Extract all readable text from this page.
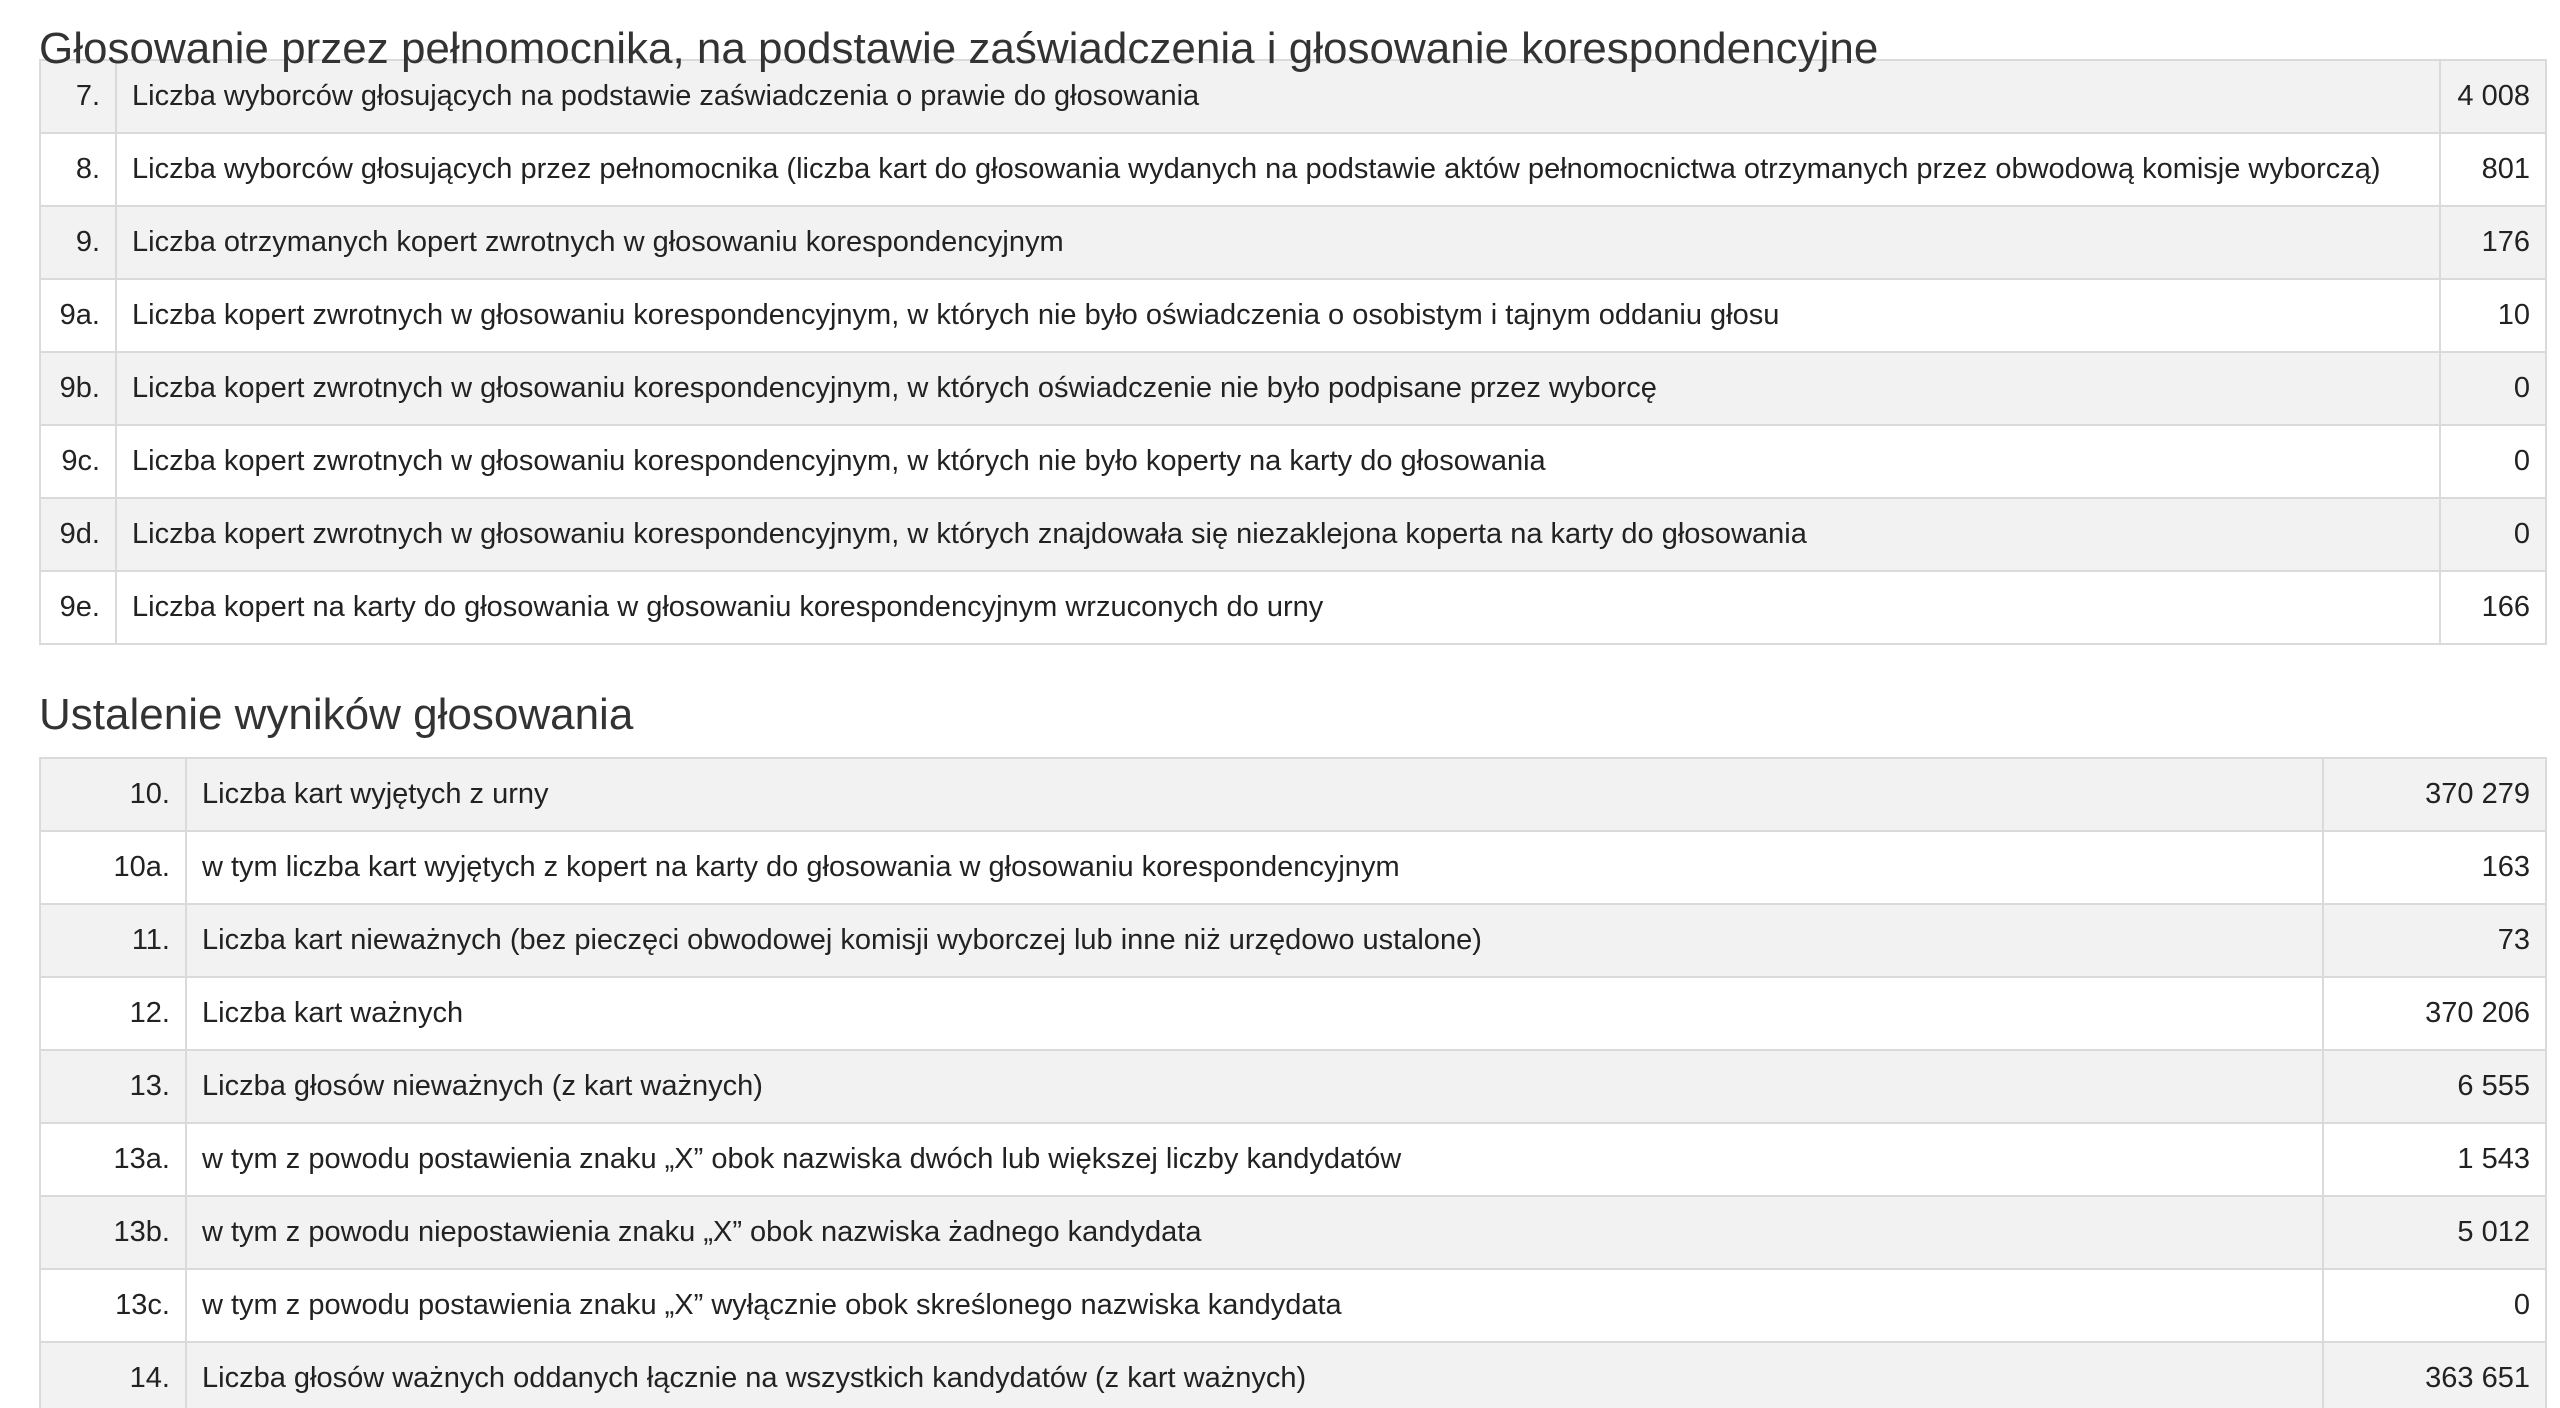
Głosowanie przez pełnomocnika, na podstawie zaświadczenia i głosowanie korespondencyjne
7.	Liczba wyborców głosujących na podstawie zaświadczenia o prawie do głosowania	4 008
8.	Liczba wyborców głosujących przez pełnomocnika (liczba kart do głosowania wydanych na podstawie aktów pełnomocnictwa otrzymanych przez obwodową komisje wyborczą)	801
9.	Liczba otrzymanych kopert zwrotnych w głosowaniu korespondencyjnym	176
9a.	Liczba kopert zwrotnych w głosowaniu korespondencyjnym, w których nie było oświadczenia o osobistym i tajnym oddaniu głosu	10
9b.	Liczba kopert zwrotnych w głosowaniu korespondencyjnym, w których oświadczenie nie było podpisane przez wyborcę	0
9c.	Liczba kopert zwrotnych w głosowaniu korespondencyjnym, w których nie było koperty na karty do głosowania	0
9d.	Liczba kopert zwrotnych w głosowaniu korespondencyjnym, w których znajdowała się niezaklejona koperta na karty do głosowania	0
9e.	Liczba kopert na karty do głosowania w głosowaniu korespondencyjnym wrzuconych do urny	166
Ustalenie wyników głosowania
10.	Liczba kart wyjętych z urny	370 279
10a.	w tym liczba kart wyjętych z kopert na karty do głosowania w głosowaniu korespondencyjnym	163
11.	Liczba kart nieważnych (bez pieczęci obwodowej komisji wyborczej lub inne niż urzędowo ustalone)	73
12.	Liczba kart ważnych	370 206
13.	Liczba głosów nieważnych (z kart ważnych)	6 555
13a.	w tym z powodu postawienia znaku „X” obok nazwiska dwóch lub większej liczby kandydatów	1 543
13b.	w tym z powodu niepostawienia znaku „X” obok nazwiska żadnego kandydata	5 012
13c.	w tym z powodu postawienia znaku „X” wyłącznie obok skreślonego nazwiska kandydata	0
14.	Liczba głosów ważnych oddanych łącznie na wszystkich kandydatów (z kart ważnych)	363 651
